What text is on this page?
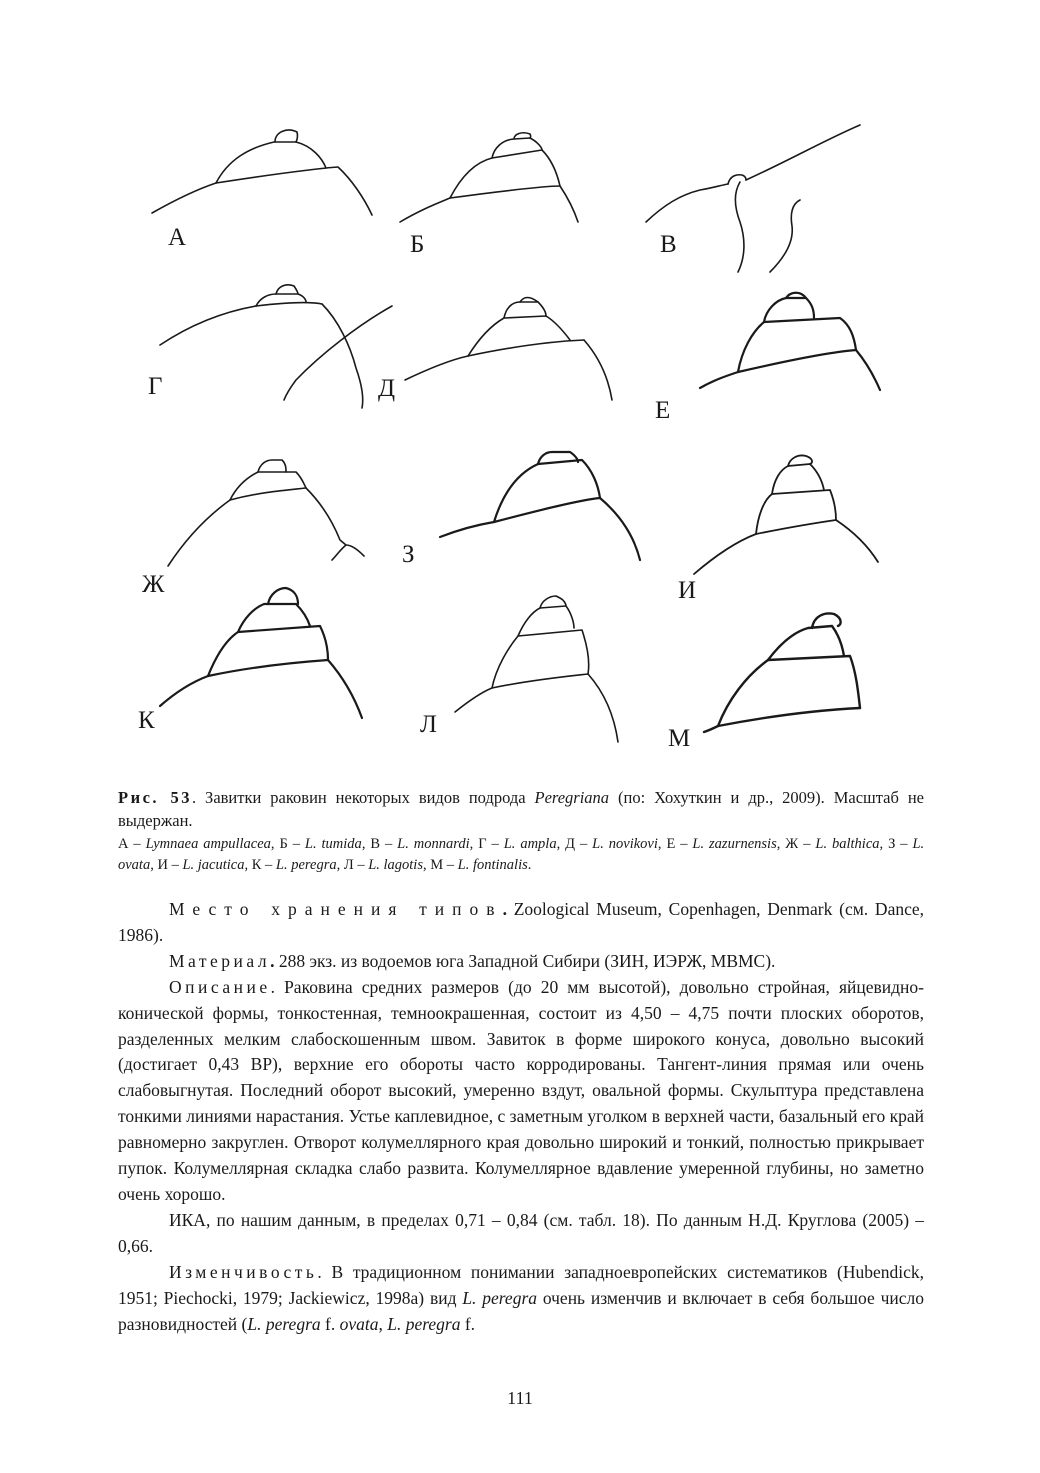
А	Б	В
Г	Д
Е
Ж
З
И
К	Л
М

Рис. 53. Завитки раковин некоторых видов подрода Peregriana (по: Хохуткин и др., 2009). Масштаб не выдержан.

А – Lymnaea ampullacea, Б – L. tumida, В – L. monnardi, Г – L. ampla, Д – L. novikovi, Е – L. zazurnensis, Ж – L. balthica, З – L. ovata, И – L. jacutica, К – L. peregra, Л – L. lagotis, М – L. fontinalis.

Место хранения типов. Zoological Museum, Copenhagen, Denmark (см. Dance, 1986).

Материал. 288 экз. из водоемов юга Западной Сибири (ЗИН, ИЭРЖ, МВМС).

Описание. Раковина средних размеров (до 20 мм высотой), довольно стройная, яйцевидно-конической формы, тонкостенная, темноокрашенная, состоит из 4,50 – 4,75 почти плоских оборотов, разделенных мелким слабоскошенным швом. Завиток в форме широкого конуса, довольно высокий (достигает 0,43 ВР), верхние его обороты часто корродированы. Тангент-линия прямая или очень слабовыгнутая. Последний оборот высокий, умеренно вздут, овальной формы. Скульптура представлена тонкими линиями нарастания. Устье каплевидное, с заметным уголком в верхней части, базальный его край равномерно закруглен. Отворот колумеллярного края довольно широкий и тонкий, полностью прикрывает пупок. Колумеллярная складка слабо развита. Колумеллярное вдавление умеренной глубины, но заметно очень хорошо.

ИКА, по нашим данным, в пределах 0,71 – 0,84 (см. табл. 18). По данным Н.Д. Круглова (2005) – 0,66.

Изменчивость. В традиционном понимании западноевропейских систематиков (Hubendick, 1951; Piechocki, 1979; Jackiewicz, 1998a) вид L. peregra очень изменчив и включает в себя большое число разновидностей (L. peregra f. ovata, L. peregra f.

111
